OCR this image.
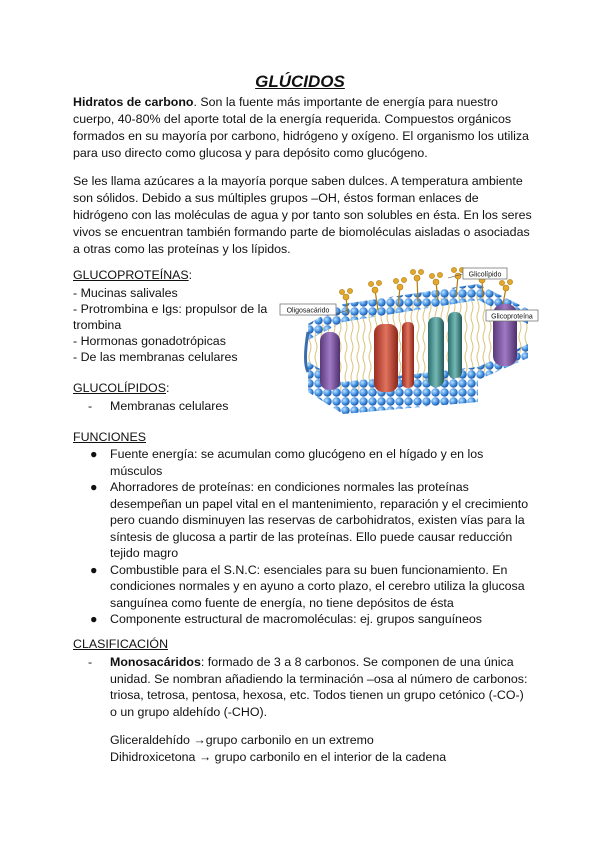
GLÚCIDOS
Hidratos de carbono. Son la fuente más importante de energía para nuestro cuerpo, 40-80% del aporte total de la energía requerida. Compuestos orgánicos formados en su mayoría por carbono, hidrógeno y oxígeno. El organismo los utiliza para uso directo como glucosa y para depósito como glucógeno.
Se les llama azúcares a la mayoría porque saben dulces. A temperatura ambiente son sólidos. Debido a sus múltiples grupos –OH, éstos forman enlaces de hidrógeno con las moléculas de agua y por tanto son solubles en ésta. En los seres vivos se encuentran también formando parte de biomoléculas aisladas o asociadas a otras como las proteínas y los lípidos.
GLUCOPROTEÍNAS:
- Mucinas salivales
- Protrombina e Igs: propulsor de la
trombina
- Hormonas gonadotrópicas
- De las membranas celulares
GLUCOLÍPIDOS:
-	Membranas celulares
Glicolípido
Oligosacárido
Glicoproteína
FUNCIONES
● Fuente energía: se acumulan como glucógeno en el hígado y en los músculos
● Ahorradores de proteínas: en condiciones normales las proteínas desempeñan un papel vital en el mantenimiento, reparación y el crecimiento pero cuando disminuyen las reservas de carbohidratos, existen vías para la síntesis de glucosa a partir de las proteínas. Ello puede causar reducción tejido magro
● Combustible para el S.N.C: esenciales para su buen funcionamiento. En condiciones normales y en ayuno a corto plazo, el cerebro utiliza la glucosa sanguínea como fuente de energía, no tiene depósitos de ésta
● Componente estructural de macromoléculas: ej. grupos sanguíneos
CLASIFICACIÓN
-	Monosacáridos: formado de 3 a 8 carbonos. Se componen de una única unidad. Se nombran añadiendo la terminación –osa al número de carbonos: triosa, tetrosa, pentosa, hexosa, etc. Todos tienen un grupo cetónico (-CO-) o un grupo aldehído (-CHO).
Gliceraldehído →grupo carbonilo en un extremo
Dihidroxicetona → grupo carbonilo en el interior de la cadena
